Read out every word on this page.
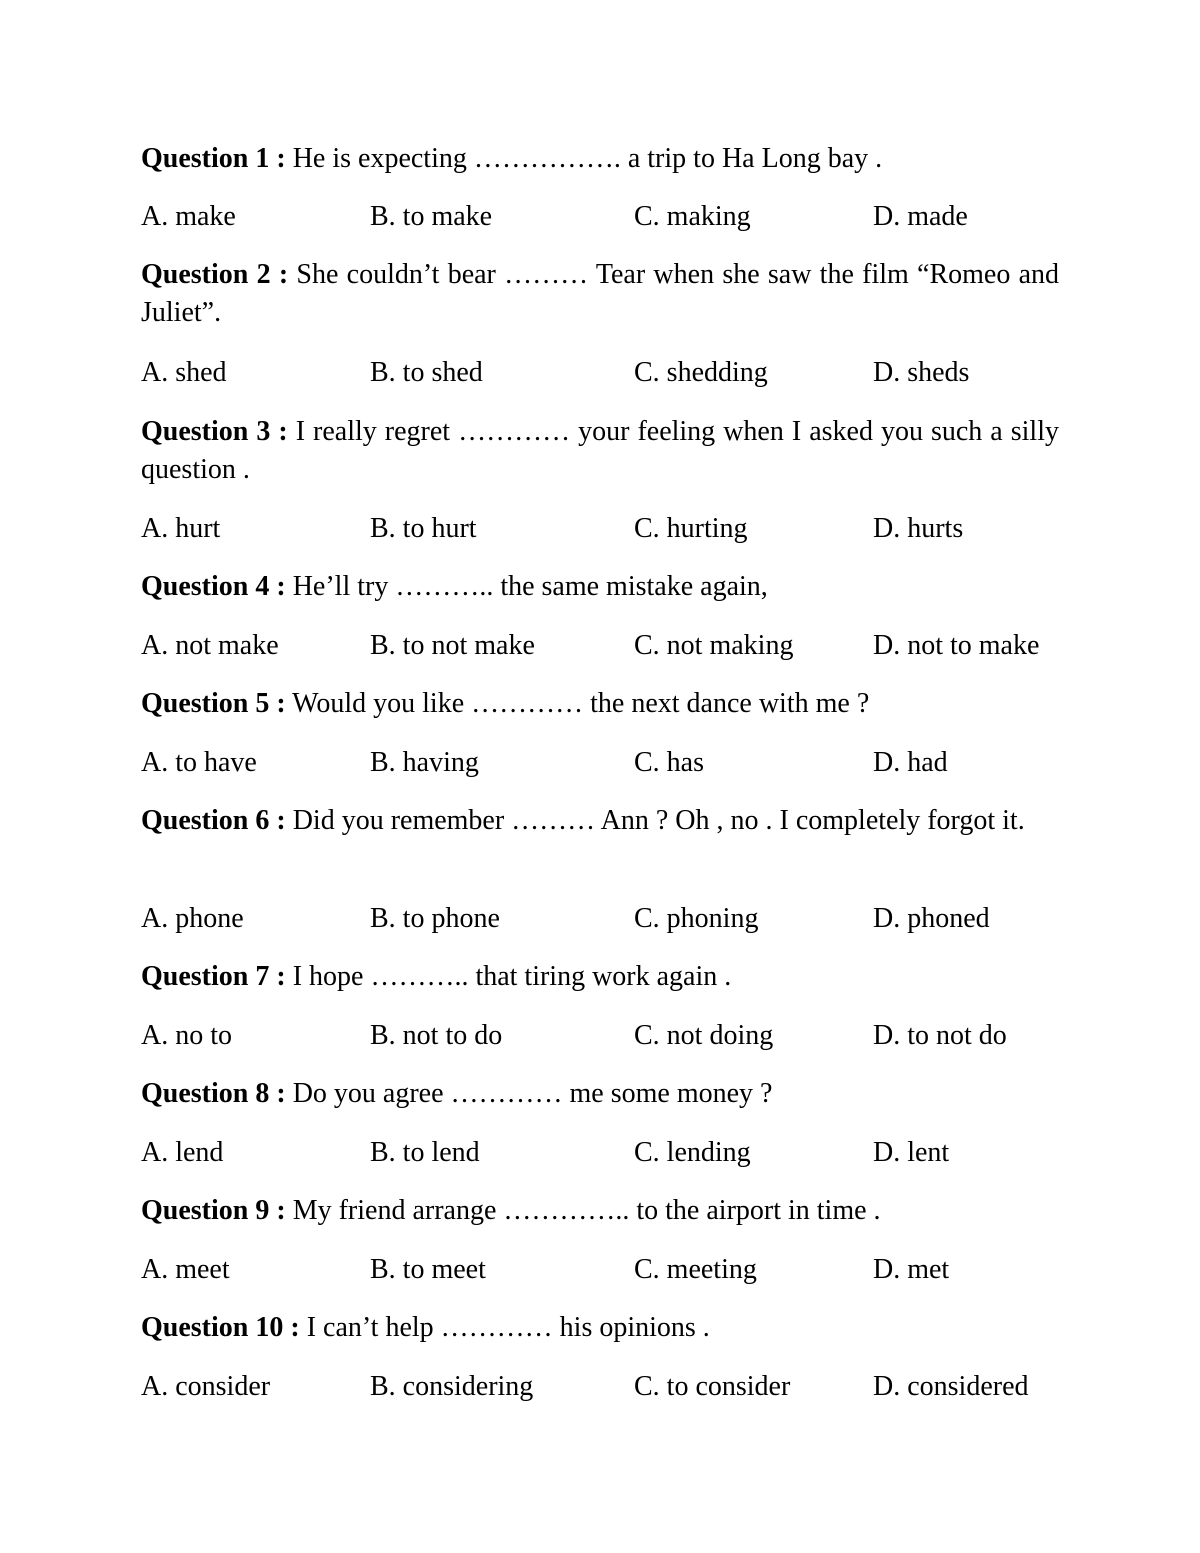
Question 1 : He is expecting ……………. a trip to Ha Long bay .
A. make	B. to make	C. making	D. made
Question 2 : She couldn’t bear ……… Tear when she saw the film “Romeo and Juliet”.
A. shed	B. to shed	C. shedding	D. sheds
Question 3 : I really regret ………… your feeling when I asked you such a silly question .
A. hurt	B. to hurt	C. hurting	D. hurts
Question 4 : He’ll try ……….. the same mistake again,
A. not make	B. to not make	C. not making	D. not to make
Question 5 : Would you like ………… the next dance with me ?
A. to have	B. having	C. has	D. had
Question 6 : Did you remember ……… Ann ? Oh , no . I completely forgot it.
A. phone	B. to phone	C. phoning	D. phoned
Question 7 : I hope ……….. that tiring work again .
A. no to	B. not to do	C. not doing	D. to not do
Question 8 : Do you agree ………… me some money ?
A. lend	B. to lend	C. lending	D. lent
Question 9 : My friend arrange ………….. to the airport in time .
A. meet	B. to meet	C. meeting	D. met
Question 10 : I can’t help ………… his opinions .
A. consider	B. considering	C. to consider	D. considered
